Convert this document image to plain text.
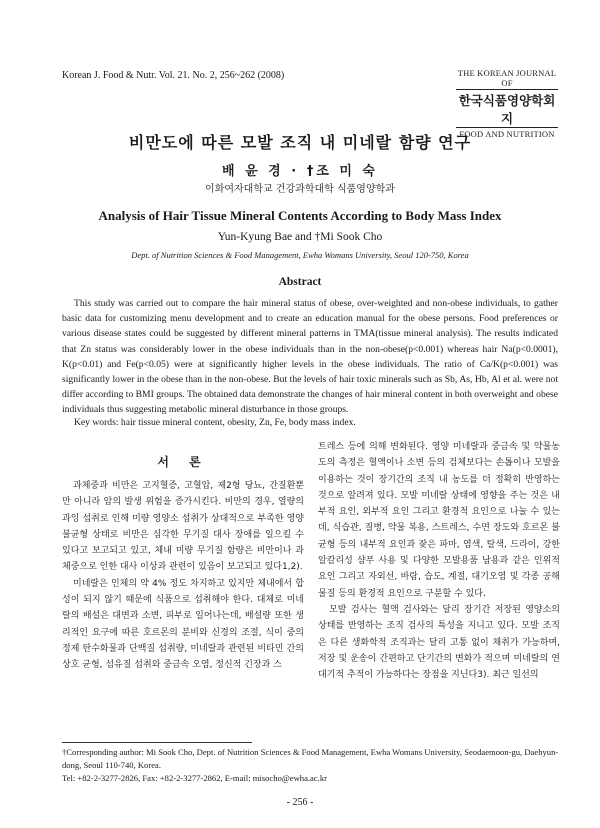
Korean J. Food & Nutr. Vol. 21. No. 2, 256~262 (2008)	THE KOREAN JOURNAL OF
한국식품영양학회지
FOOD AND NUTRITION
비만도에 따른 모발 조직 내 미네랄 함량 연구
배 윤 경 · †조 미 숙
이화여자대학교 건강과학대학 식품영양학과
Analysis of Hair Tissue Mineral Contents According to Body Mass Index
Yun-Kyung Bae and †Mi Sook Cho
Dept. of Nutrition Sciences & Food Management, Ewha Womans University, Seoul 120-750, Korea
Abstract
This study was carried out to compare the hair mineral status of obese, over-weighted and non-obese individuals, to gather basic data for customizing menu development and to create an education manual for the obese persons. Food preferences or various disease states could be suggested by different mineral patterns in TMA(tissue mineral analysis). The results indicated that Zn status was considerably lower in the obese individuals than in the non-obese(p<0.001) whereas hair Na(p<0.0001), K(p<0.01) and Fe(p<0.05) were at significantly higher levels in the obese individuals. The ratio of Ca/K(p<0.001) was significantly lower in the obese than in the non-obese. But the levels of hair toxic minerals such as Sb, As, Hb, Al et al. were not differ according to BMI groups. The obtained data demonstrate the changes of hair mineral content in both overweight and obese individuals thus suggesting metabolic mineral disturbance in those groups.
Key words: hair tissue mineral content, obesity, Zn, Fe, body mass index.
서 론

과체중과 비만은 고지혈증, 고혈압, 제2형 당뇨, 간질환뿐만 아니라 암의 발생 위험을 증가시킨다. 비만의 경우, 열량의 과잉 섭취로 인해 미량 영양소 섭취가 상대적으로 부족한 영양 불균형 상태로 비만은 심각한 무기질 대사 장애를 일으킬 수 있다고 보고되고 있고, 체내 미량 무기질 함량은 비만이나 과체중으로 인한 대사 이상과 관련이 있음이 보고되고 있다1,2).

미네랄은 인체의 약 4% 정도 차지하고 있지만 체내에서 합성이 되지 않기 때문에 식품으로 섭취해야 한다. 대체로 미네랄의 배설은 대변과 소변, 피부로 일어나는데, 배설량 또한 생리적인 요구에 따른 호르몬의 분비와 신경의 조절, 식이 중의 정제 탄수화물과 단백질 섭취량, 미네랄과 관련된 비타민 간의 상호 균형, 섬유질 섭취와 중금속 오염, 정신적 긴장과 스

트레스 등에 의해 변화된다. 영양 미네랄과 중금속 및 약물농도의 측정은 혈액이나 소변 등의 검체보다는 손톱이나 모발을 이용하는 것이 장기간의 조직 내 농도를 더 정확히 반영하는 것으로 알려져 있다. 모발 미네랄 상태에 영향을 주는 것은 내부적 요인, 외부적 요인 그리고 환경적 요인으로 나눌 수 있는데, 식습관, 질병, 약물 복용, 스트레스, 수면 장도와 호르몬 불균형 등의 내부적 요인과 잦은 파마, 염색, 탈색, 드라이, 강한 알칼리성 샴푸 사용 및 다양한 모발용품 남용과 같은 인위적 요인 그리고 자외선, 바람, 습도, 계절, 대기오염 및 각종 공해 물질 등의 환경적 요인으로 구분할 수 있다.

모발 검사는 혈액 검사와는 달리 장기간 저장된 영양소의 상태를 반영하는 조직 검사의 특성을 지니고 있다. 모발 조직은 다른 생화학적 조직과는 달리 고통 없이 채취가 가능하며, 저장 및 운송이 간편하고 단기간의 변화가 적으며 미네랄의 연대기적 추적이 가능하다는 장점을 지닌다3). 최근 일선의

†Corresponding author: Mi Sook Cho, Dept. of Nutrition Sciences & Food Management, Ewha Womans University, Seodaemoon-gu, Daehyun-dong, Seoul 110-740, Korea.
Tel: +82-2-3277-2826, Fax: +82-2-3277-2862, E-mail: misocho@ewha.ac.kr
- 256 -
